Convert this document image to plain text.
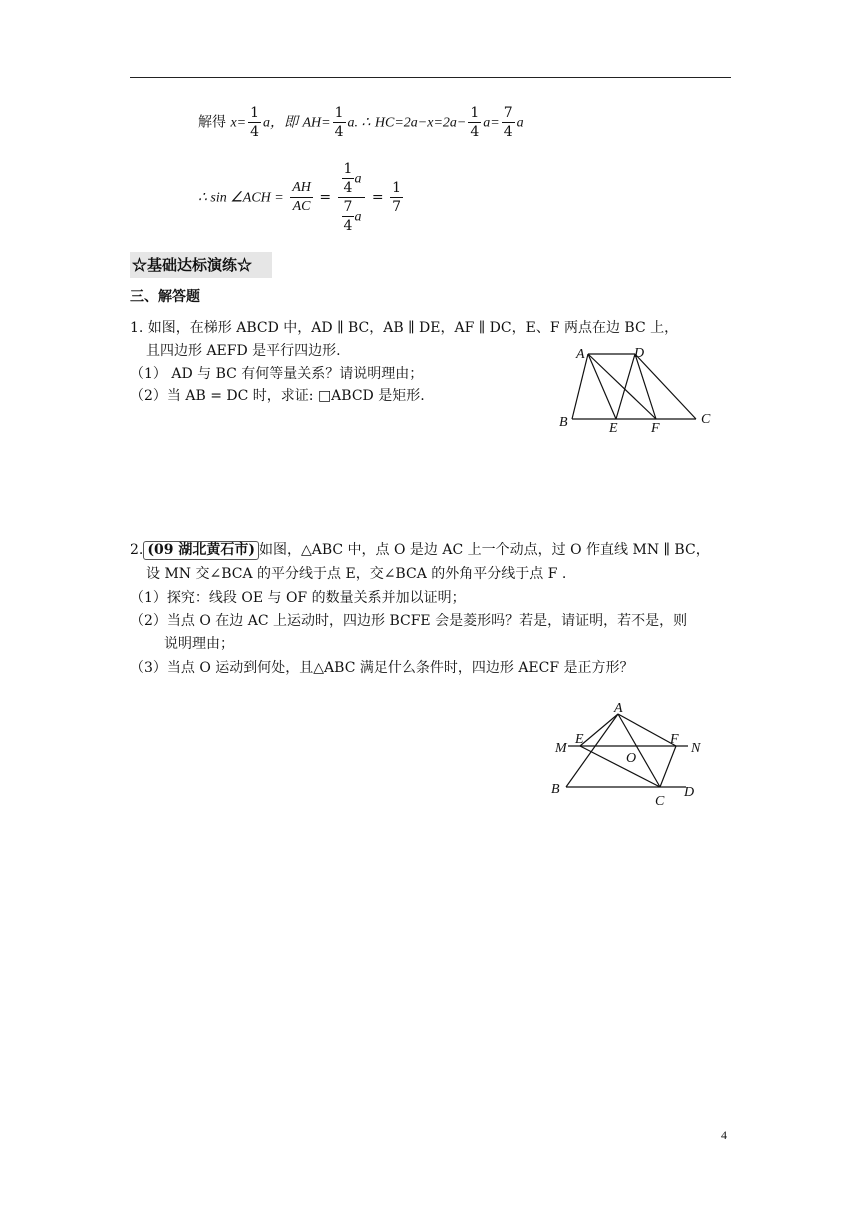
解得 $x= \frac{1}{4}$ a，即 $AH= \frac{1}{4} a$. ∴ $HC=2a-x=2a- \frac{1}{4} a= \frac{7}{4}$ a
∴ sin ∠ACH = $\frac{AH}{AC} = \frac{\frac{1}{4} a}{\frac{7}{4} a} = \frac{1}{7}$
☆基础达标演练☆
三、解答题
1. 如图，在梯形 ABCD 中，AD ∥ BC，AB ∥ DE，AF ∥ DC，E、F 两点在边 BC 上，
且四边形 AEFD 是平行四边形.
（1） AD 与 BC 有何等量关系？请说明理由；
（2）当 AB = DC 时，求证: □ABCD 是矩形.
A	D
B	E F
C
2. (09 湖北黄石市) 如图，△ABC 中，点 O 是边 AC 上一个动点，过 O 作直线 MN ∥ BC，
设 MN 交∠BCA 的平分线于点 E，交∠BCA 的外角平分线于点 F .
（1）探究：线段 OE 与 OF 的数量关系并加以证明；
（2）当点 O 在边 AC 上运动时，四边形 BCFE 会是菱形吗？若是，请证明，若不是，则
说明理由；
（3）当点 O 运动到何处，且△ABC 满足什么条件时，四边形 AECF 是正方形？
A
M
E	F
N
O
B
C
D
4
